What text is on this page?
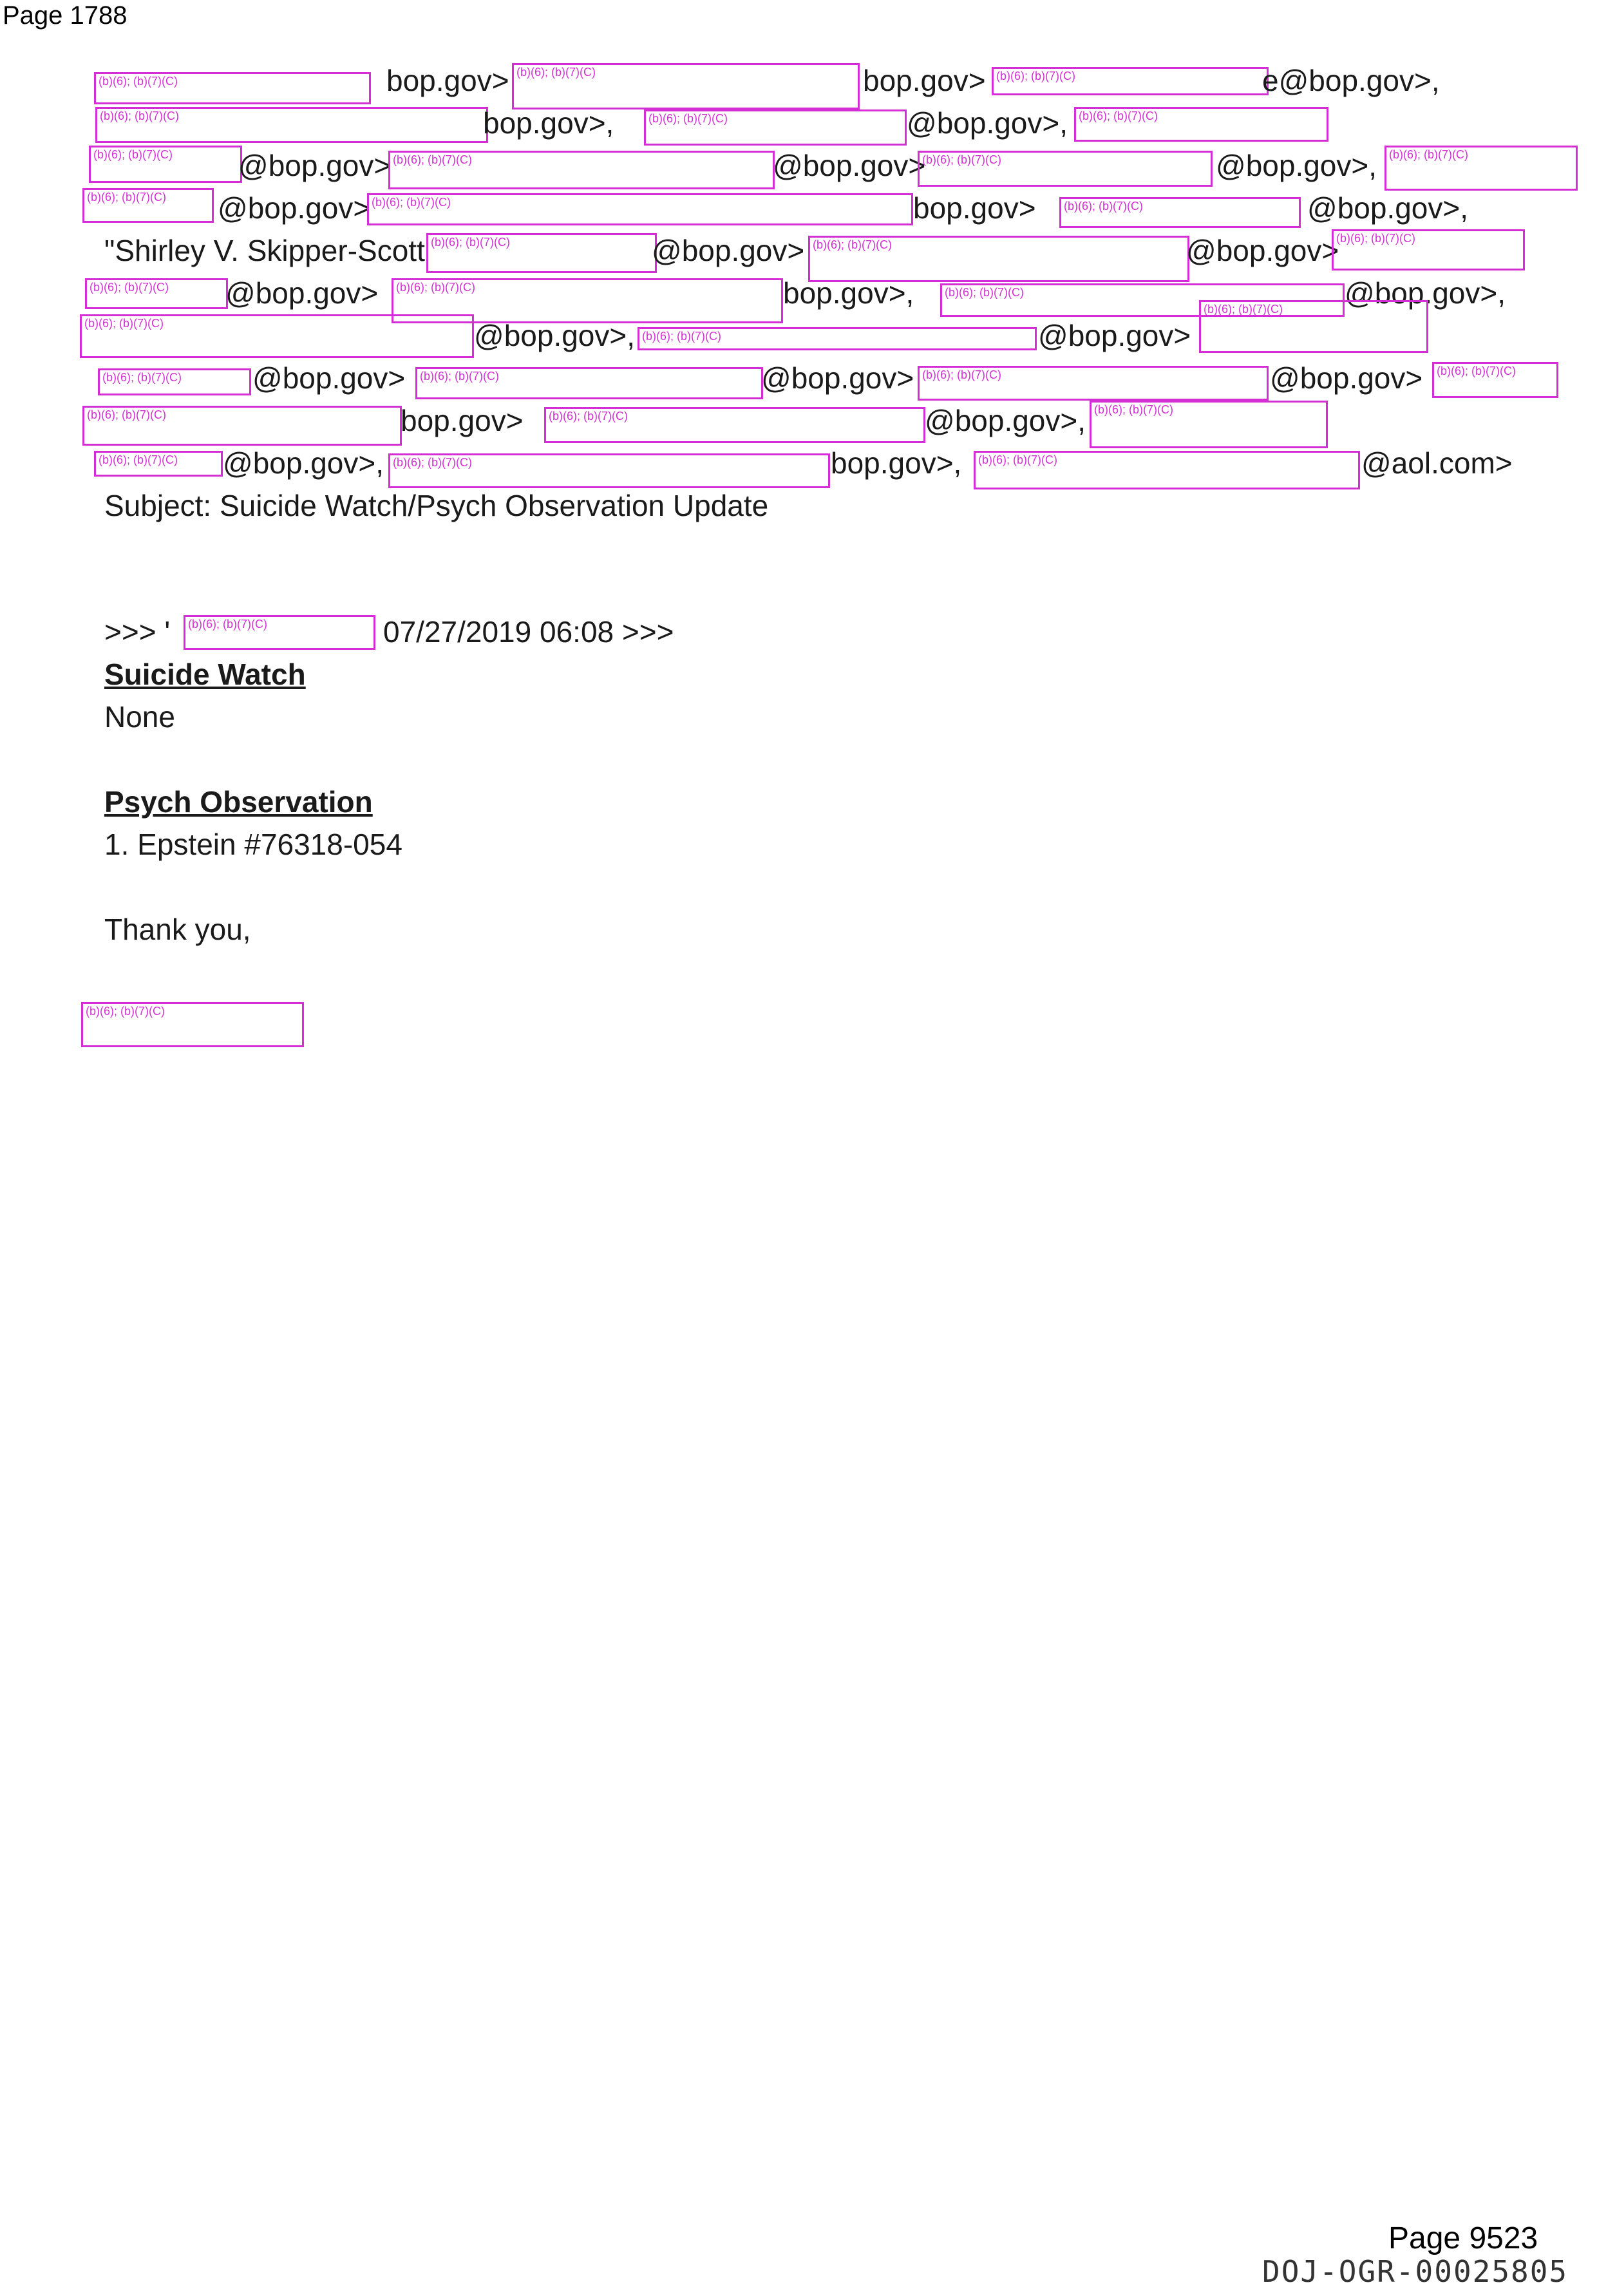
Page 1788
(b)(6); (b)(7)(C)	bop.gov> (b)(6); (b)(7)(C)	bop.gov> (b)(6); (b)(7)(C)	e@bop.gov>,
(b)(6); (b)(7)(C)	bop.gov>,	(b)(6); (b)(7)(C)	@bop.gov>, (b)(6); (b)(7)(C)
(b)(6); (b)(7)(C) @bop.gov> (b)(6); (b)(7)(C)	@bop.gov>
(b)(6); (b)(7)(C)	@bop.gov>, (b)(6); (b)(7)(C)
(b)(6); (b)(7)(C) @bop.gov> (b)(6); (b)(7)(C)	bop.gov> (b)(6); (b)(7)(C)	@bop.gov>,
"Shirley V. Skipper-Scott (b)(6); (b)(7)(C)	@bop.gov> (b)(6); (b)(7)(C)	@bop.gov>
(b)(6); (b)(7)(C)
(b)(6); (b)(7)(C) @bop.gov> (b)(6); (b)(7)(C)	bop.gov>,	(b)(6); (b)(7)(C)	@bop.gov>,
(b)(6); (b)(7)(C)	@bop.gov>, (b)(6); (b)(7)(C)	@bop.gov>
(b)(6); (b)(7)(C)
(b)(6); (b)(7)(C) @bop.gov> (b)(6); (b)(7)(C)	@bop.gov> (b)(6); (b)(7)(C)	@bop.gov> (b)(6); (b)(7)(C)
(b)(6); (b)(7)(C)	bop.gov> (b)(6); (b)(7)(C)	@bop.gov>, (b)(6); (b)(7)(C)
(b)(6); (b)(7)(C) @bop.gov>, (b)(6); (b)(7)(C)	bop.gov>, (b)(6); (b)(7)(C)	@aol.com>
Subject: Suicide Watch/Psych Observation Update
>>> ' (b)(6); (b)(7)(C)	07/27/2019 06:08 >>>
Suicide Watch
None
Psych Observation
1. Epstein #76318-054
Thank you,
(b)(6); (b)(7)(C)
Page 9523
DOJ-OGR-00025805
